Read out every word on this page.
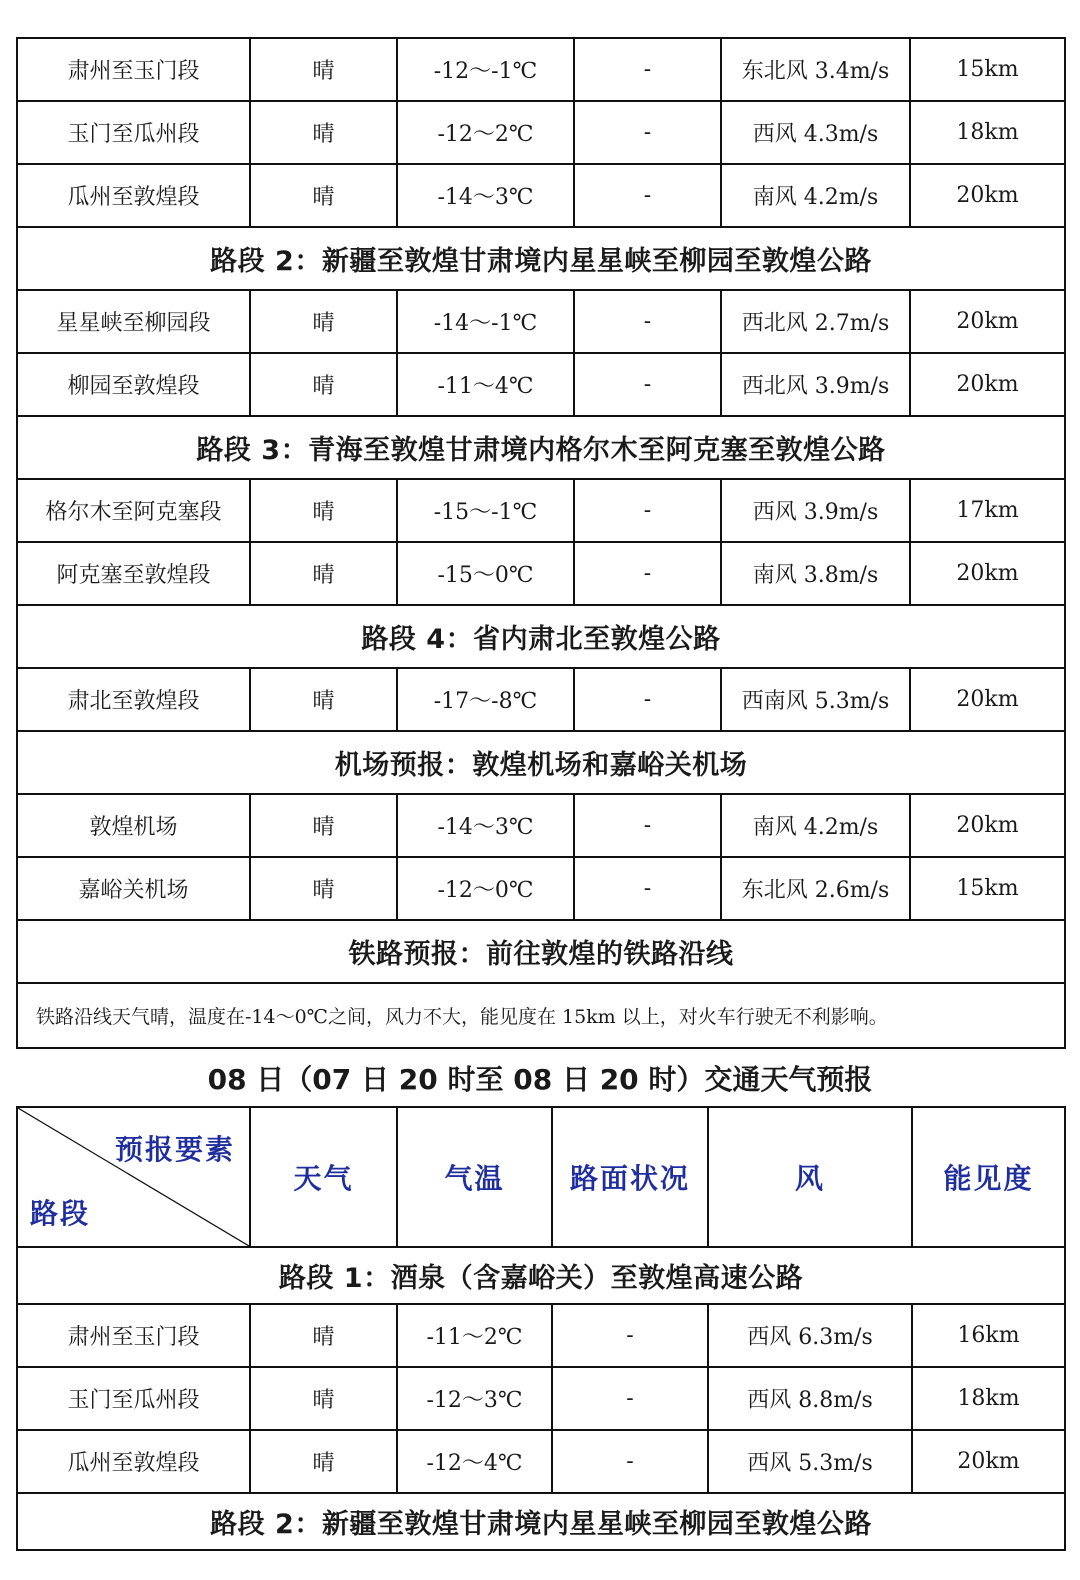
肃州至玉门段	晴	-12～-1℃	-	东北风 3.4m/s	15km
玉门至瓜州段	晴	-12～2℃	-	西风 4.3m/s	18km
瓜州至敦煌段	晴	-14～3℃	-	南风 4.2m/s	20km
路段 2：新疆至敦煌甘肃境内星星峡至柳园至敦煌公路					
星星峡至柳园段	晴	-14～-1℃	-	西北风 2.7m/s	20km
柳园至敦煌段	晴	-11～4℃	-	西北风 3.9m/s	20km
路段 3：青海至敦煌甘肃境内格尔木至阿克塞至敦煌公路					
格尔木至阿克塞段	晴	-15～-1℃	-	西风 3.9m/s	17km
阿克塞至敦煌段	晴	-15～0℃	-	南风 3.8m/s	20km
路段 4：省内肃北至敦煌公路					
肃北至敦煌段	晴	-17～-8℃	-	西南风 5.3m/s	20km
机场预报：敦煌机场和嘉峪关机场					
敦煌机场	晴	-14～3℃	-	南风 4.2m/s	20km
嘉峪关机场	晴	-12～0℃	-	东北风 2.6m/s	15km
铁路预报：前往敦煌的铁路沿线					
铁路沿线天气晴，温度在-14～0℃之间，风力不大，能见度在 15km 以上，对火车行驶无不利影响。					
08 日（07 日 20 时至 08 日 20 时）交通天气预报
预报要素
路段	天气	气温	路面状况	风	能见度
路段 1：酒泉（含嘉峪关）至敦煌高速公路					
肃州至玉门段	晴	-11～2℃	-	西风 6.3m/s	16km
玉门至瓜州段	晴	-12～3℃	-	西风 8.8m/s	18km
瓜州至敦煌段	晴	-12～4℃	-	西风 5.3m/s	20km
路段 2：新疆至敦煌甘肃境内星星峡至柳园至敦煌公路					
